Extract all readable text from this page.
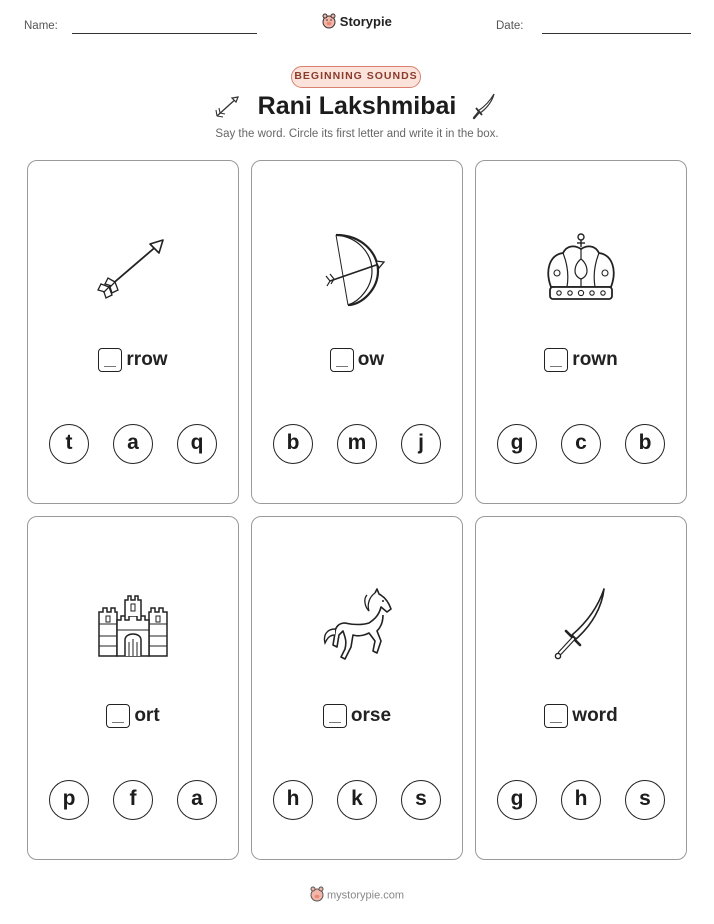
Name:	Storypie	Date:
BEGINNING SOUNDS
Rani Lakshmibai
Say the word. Circle its first letter and write it in the box.
rrow
t	a	q
ow
b	m	j
rown
g	c	b
ort
p	f	a
orse
h	k	s
word
g	h	s
mystorypie.com
